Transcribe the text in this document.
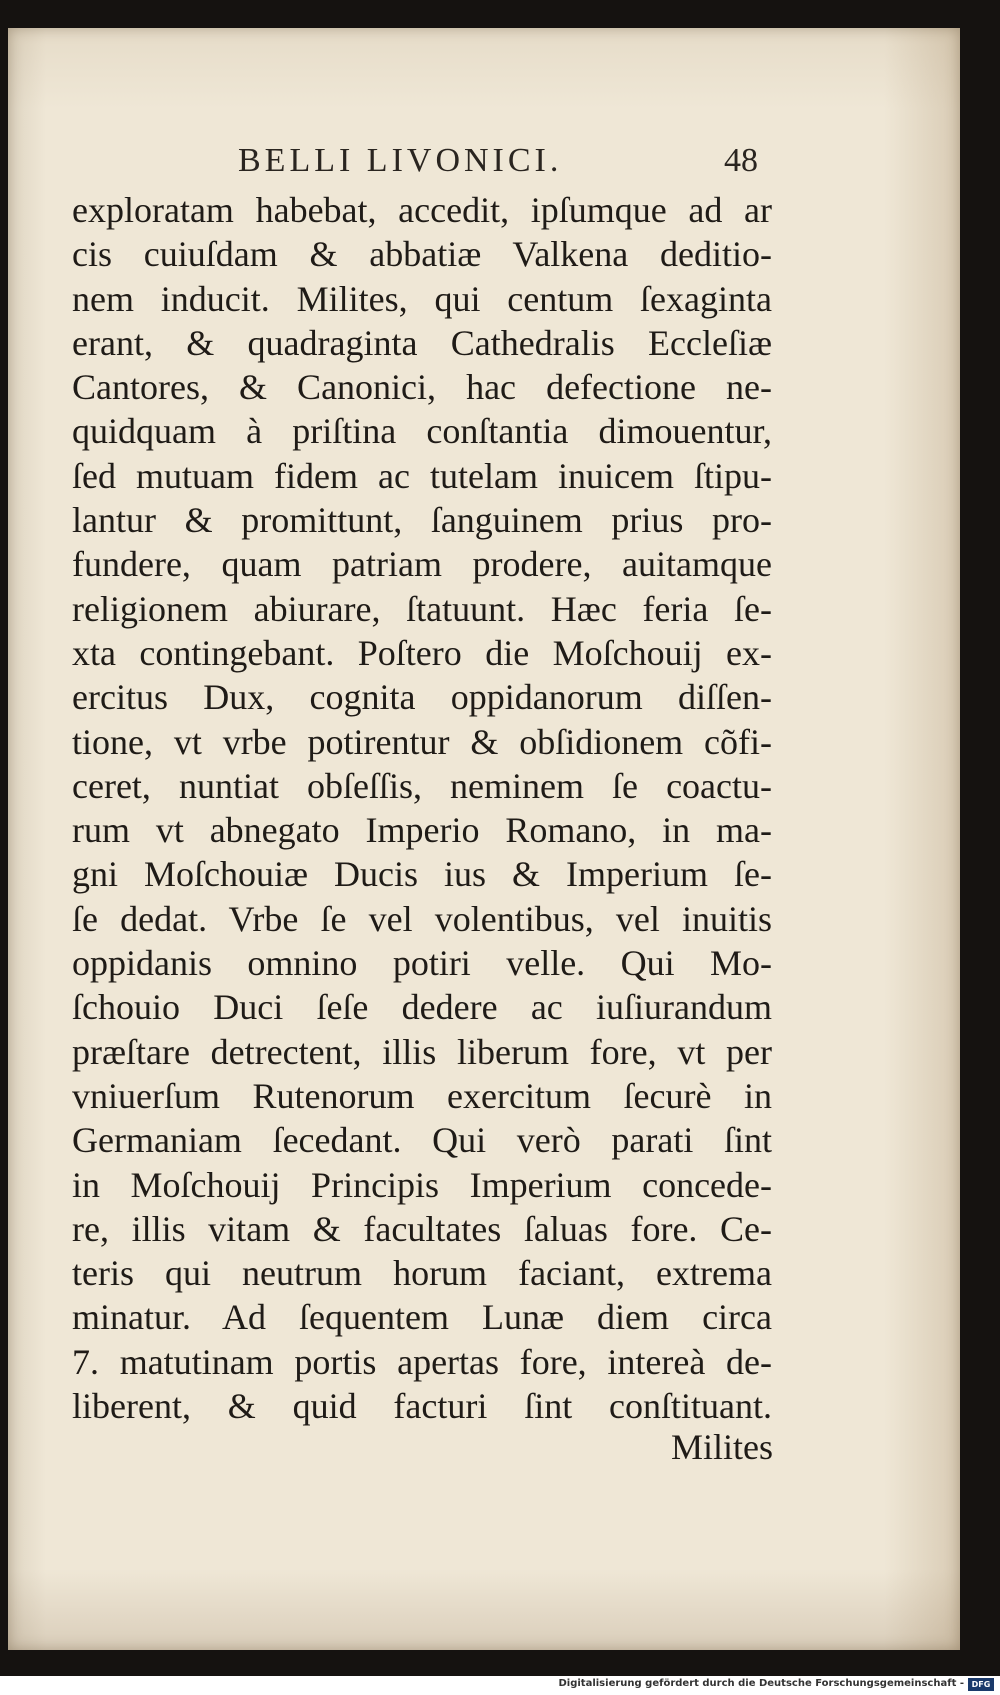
BELLI LIVONICI.	48
exploratam habebat, accedit, ipſumque ad ar
cis cuiuſdam & abbatiæ Valkena deditio-
nem inducit. Milites, qui centum ſexaginta
erant, & quadraginta Cathedralis Eccleſiæ
Cantores, & Canonici, hac defectione ne-
quidquam à priſtina conſtantia dimouentur,
ſed mutuam fidem ac tutelam inuicem ſtipu-
lantur & promittunt, ſanguinem prius pro-
fundere, quam patriam prodere, auitamque
religionem abiurare, ſtatuunt. Hæc feria ſe-
xta contingebant. Poſtero die Moſchouij ex-
ercitus Dux, cognita oppidanorum diſſen-
tione, vt vrbe potirentur & obſidionem cõfi-
ceret, nuntiat obſeſſis, neminem ſe coactu-
rum vt abnegato Imperio Romano, in ma-
gni Moſchouiæ Ducis ius & Imperium ſe-
ſe dedat. Vrbe ſe vel volentibus, vel inuitis
oppidanis omnino potiri velle. Qui Mo-
ſchouio Duci ſeſe dedere ac iuſiurandum
præſtare detrectent, illis liberum fore, vt per
vniuerſum Rutenorum exercitum ſecurè in
Germaniam ſecedant. Qui verò parati ſint
in Moſchouij Principis Imperium concede-
re, illis vitam & facultates ſaluas fore. Ce-
teris qui neutrum horum faciant, extrema
minatur. Ad ſequentem Lunæ diem circa
7. matutinam portis apertas fore, intereà de-
liberent, & quid facturi ſint conſtituant.
Milites
Digitalisierung gefördert durch die Deutsche Forschungsgemeinschaft - DFG
